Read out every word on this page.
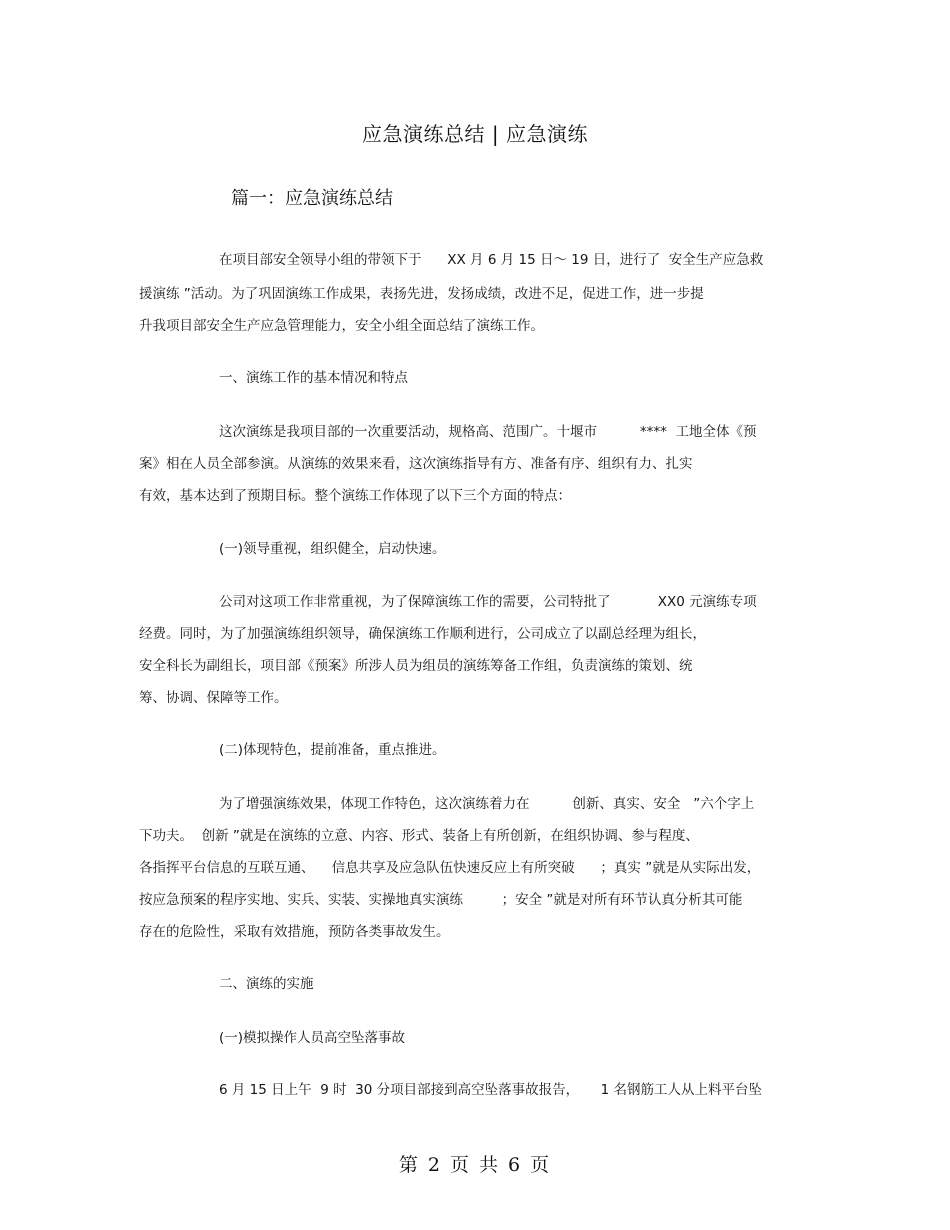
应急演练总结 | 应急演练
篇一：应急演练总结
在项目部安全领导小组的带领下于      XX 月 6 月 15 日～ 19 日，进行了  安全生产应急救
援演练 ”活动。为了巩固演练工作成果，表扬先进，发扬成绩，改进不足，促进工作，进一步提
升我项目部安全生产应急管理能力，安全小组全面总结了演练工作。
一、演练工作的基本情况和特点
这次演练是我项目部的一次重要活动，规格高、范围广。十堰市          ****  工地全体《预
案》相在人员全部参演。从演练的效果来看，这次演练指导有方、准备有序、组织有力、扎实
有效，基本达到了预期目标。整个演练工作体现了以下三个方面的特点：
(一)领导重视，组织健全，启动快速。
公司对这项工作非常重视，为了保障演练工作的需要，公司特批了           XX0 元演练专项
经费。同时，为了加强演练组织领导，确保演练工作顺利进行，公司成立了以副总经理为组长，
安全科长为副组长，项目部《预案》所涉人员为组员的演练筹备工作组，负责演练的策划、统
筹、协调、保障等工作。
(二)体现特色，提前准备，重点推进。
为了增强演练效果，体现工作特色，这次演练着力在          创新、真实、安全   ”六个字上
下功夫。  创新 ”就是在演练的立意、内容、形式、装备上有所创新，在组织协调、参与程度、
各指挥平台信息的互联互通、    信息共享及应急队伍快速反应上有所突破      ；真实 ”就是从实际出发，
按应急预案的程序实地、实兵、实装、实操地真实演练         ；安全 ”就是对所有环节认真分析其可能
存在的危险性，采取有效措施，预防各类事故发生。
二、演练的实施
(一)模拟操作人员高空坠落事故
6 月 15 日上午  9 时  30 分项目部接到高空坠落事故报告，     1 名钢筋工人从上料平台坠
第 2 页 共 6 页
